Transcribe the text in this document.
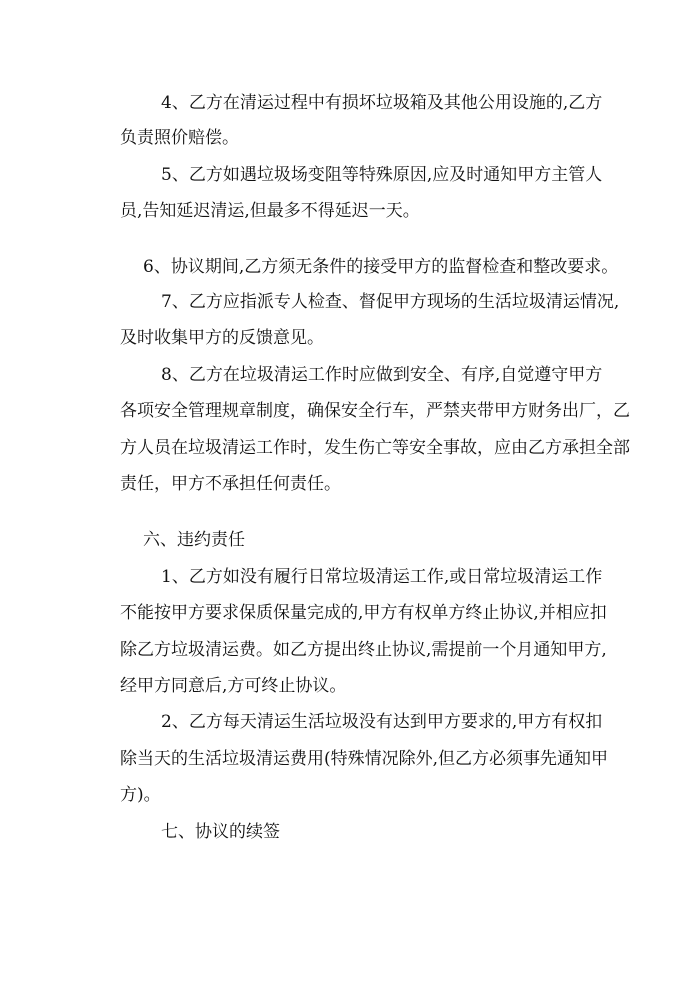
4、乙方在清运过程中有损坏垃圾箱及其他公用设施的,乙方
负责照价赔偿。
5、乙方如遇垃圾场变阻等特殊原因,应及时通知甲方主管人
员,告知延迟清运,但最多不得延迟一天。
6、协议期间,乙方须无条件的接受甲方的监督检查和整改要求。
7、乙方应指派专人检查、督促甲方现场的生活垃圾清运情况,
及时收集甲方的反馈意见。
8、乙方在垃圾清运工作时应做到安全、有序,自觉遵守甲方
各项安全管理规章制度，确保安全行车，严禁夹带甲方财务出厂，乙
方人员在垃圾清运工作时，发生伤亡等安全事故，应由乙方承担全部
责任，甲方不承担任何责任。
六、违约责任
1、乙方如没有履行日常垃圾清运工作,或日常垃圾清运工作
不能按甲方要求保质保量完成的,甲方有权单方终止协议,并相应扣
除乙方垃圾清运费。如乙方提出终止协议,需提前一个月通知甲方,
经甲方同意后,方可终止协议。
2、乙方每天清运生活垃圾没有达到甲方要求的,甲方有权扣
除当天的生活垃圾清运费用(特殊情况除外,但乙方必须事先通知甲
方)。
七、协议的续签
